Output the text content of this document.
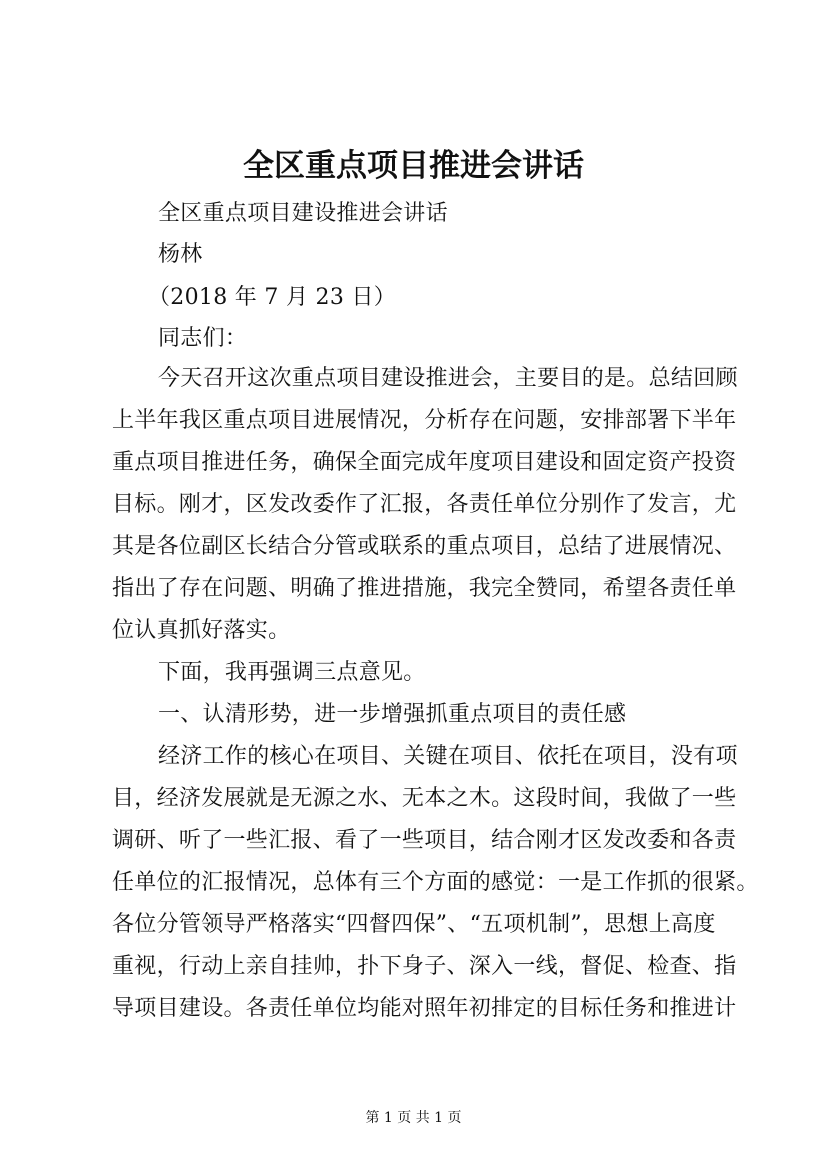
全区重点项目推进会讲话
全区重点项目建设推进会讲话
杨林
（2018 年 7 月 23 日）
同志们：
今天召开这次重点项目建设推进会，主要目的是。总结回顾
上半年我区重点项目进展情况，分析存在问题，安排部署下半年
重点项目推进任务，确保全面完成年度项目建设和固定资产投资
目标。刚才，区发改委作了汇报，各责任单位分别作了发言，尤
其是各位副区长结合分管或联系的重点项目，总结了进展情况、
指出了存在问题、明确了推进措施，我完全赞同，希望各责任单
位认真抓好落实。
下面，我再强调三点意见。
一、认清形势，进一步增强抓重点项目的责任感
经济工作的核心在项目、关键在项目、依托在项目，没有项
目，经济发展就是无源之水、无本之木。这段时间，我做了一些
调研、听了一些汇报、看了一些项目，结合刚才区发改委和各责
任单位的汇报情况，总体有三个方面的感觉：一是工作抓的很紧。
各位分管领导严格落实“四督四保”、“五项机制”，思想上高度
重视，行动上亲自挂帅，扑下身子、深入一线，督促、检查、指
导项目建设。各责任单位均能对照年初排定的目标任务和推进计
第 1 页 共 1 页
